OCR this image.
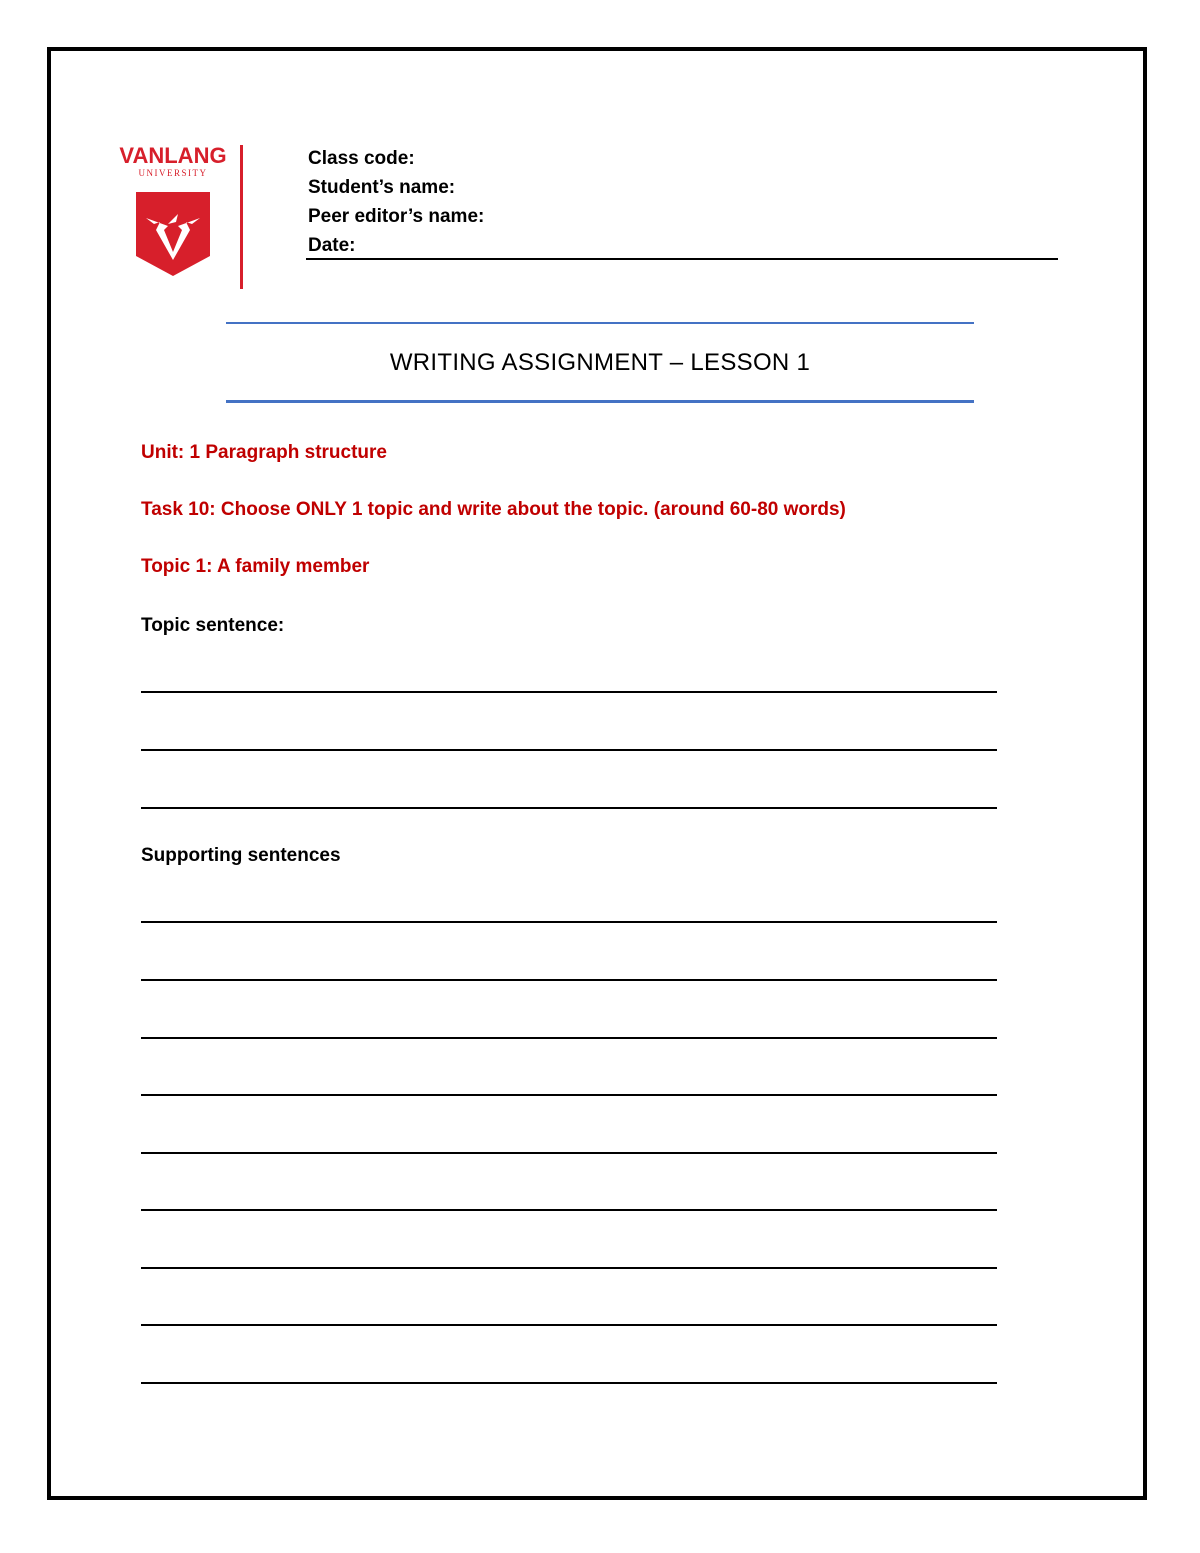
VANLANG
UNIVERSITY
Class code:
Student’s name:
Peer editor’s name:
Date:
WRITING ASSIGNMENT – LESSON 1
Unit: 1 Paragraph structure
Task 10: Choose ONLY 1 topic and write about the topic. (around 60-80 words)
Topic 1: A family member
Topic sentence:
Supporting sentences
